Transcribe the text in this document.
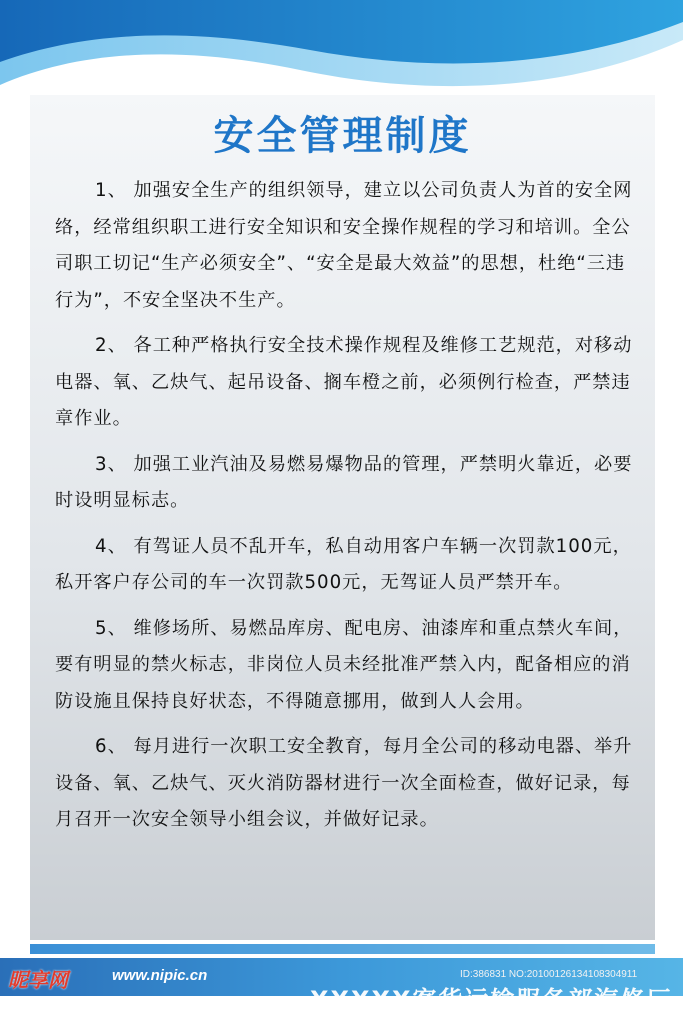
安全管理制度

1、 加强安全生产的组织领导，建立以公司负责人为首的安全网络，经常组织职工进行安全知识和安全操作规程的学习和培训。全公司职工切记“生产必须安全”、“安全是最大效益”的思想，杜绝“三违行为”，不安全坚决不生产。

2、 各工种严格执行安全技术操作规程及维修工艺规范，对移动电器、氧、乙炔气、起吊设备、搁车橙之前，必须例行检查，严禁违章作业。

3、 加强工业汽油及易燃易爆物品的管理，严禁明火靠近，必要时设明显标志。

4、 有驾证人员不乱开车，私自动用客户车辆一次罚款100元，私开客户存公司的车一次罚款500元，无驾证人员严禁开车。

5、 维修场所、易燃品库房、配电房、油漆库和重点禁火车间，要有明显的禁火标志，非岗位人员未经批准严禁入内，配备相应的消防设施且保持良好状态，不得随意挪用，做到人人会用。

6、 每月进行一次职工安全教育，每月全公司的移动电器、举升设备、氧、乙炔气、灭火消防器材进行一次全面检查，做好记录，每月召开一次安全领导小组会议，并做好记录。

昵享网	www.nipic.cn
XXXXX客货运输服务部汽修厂
ID:386831 NO:20100126134108304911
